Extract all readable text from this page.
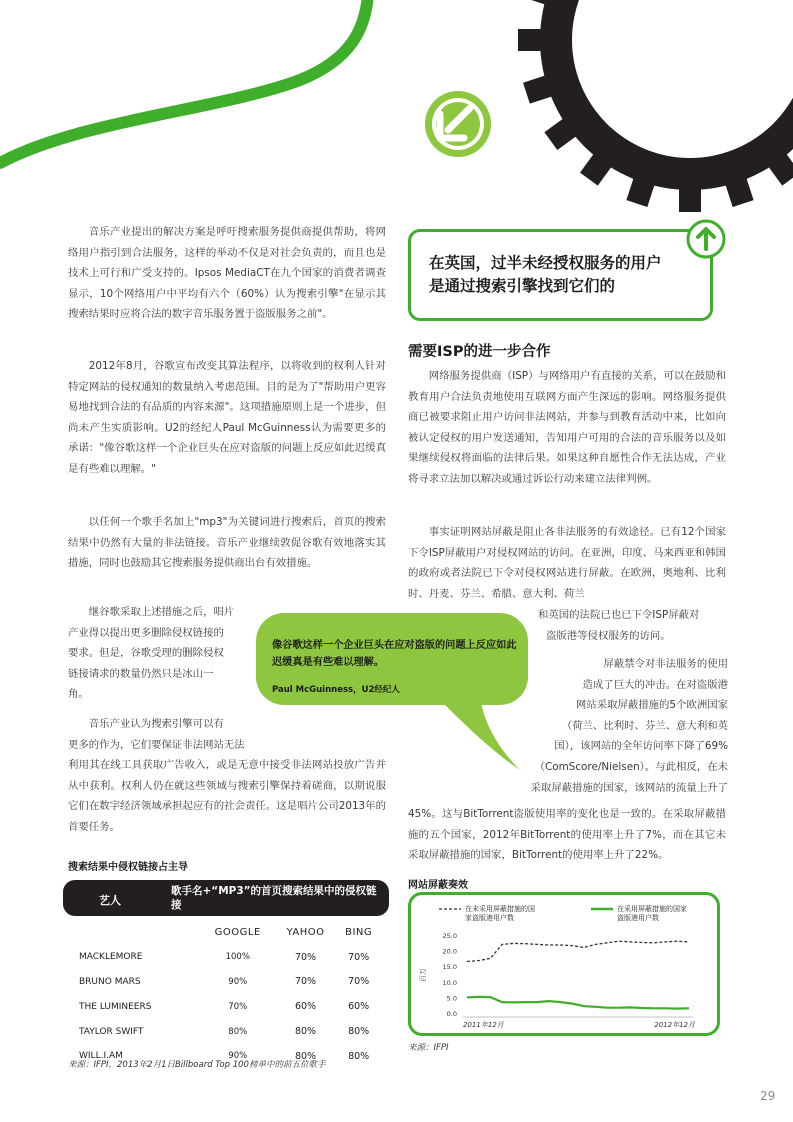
音乐产业提出的解决方案是呼吁搜索服务提供商提供帮助，将网络用户指引到合法服务，这样的举动不仅是对社会负责的，而且也是技术上可行和广受支持的。Ipsos MediaCT在九个国家的消费者调查显示，10个网络用户中平均有六个（60%）认为搜索引擎"在显示其搜索结果时应将合法的数字音乐服务置于盗版服务之前"。

2012年8月，谷歌宣布改变其算法程序，以将收到的权利人针对特定网站的侵权通知的数量纳入考虑范围。目的是为了"帮助用户更容易地找到合法的有品质的内容来源"。这项措施原则上是一个进步，但尚未产生实质影响。U2的经纪人Paul McGuinness认为需要更多的承诺："像谷歌这样一个企业巨头在应对盗版的问题上反应如此迟缓真是有些难以理解。"

以任何一个歌手名加上"mp3"为关键词进行搜索后，首页的搜索结果中仍然有大量的非法链接。音乐产业继续敦促谷歌有效地落实其措施，同时也鼓励其它搜索服务提供商出台有效措施。

继谷歌采取上述措施之后，唱片
产业得以提出更多删除侵权链接的
要求。但是，谷歌受理的删除侵权
链接请求的数量仍然只是冰山一
角。
音乐产业认为搜索引擎可以有
更多的作为，它们要保证非法网站无法

利用其在线工具获取广告收入，或是无意中接受非法网站投放广告并从中获利。权利人仍在就这些领域与搜索引擎保持着磋商，以期说服它们在数字经济领域承担起应有的社会责任。这是唱片公司2013年的首要任务。

在英国，过半未经授权服务的用户
是通过搜索引擎找到它们的
需要ISP的进一步合作

网络服务提供商（ISP）与网络用户有直接的关系，可以在鼓励和教育用户合法负责地使用互联网方面产生深远的影响。网络服务提供商已被要求阻止用户访问非法网站，并参与到教育活动中来，比如向被认定侵权的用户发送通知，告知用户可用的合法的音乐服务以及如果继续侵权将面临的法律后果。如果这种自愿性合作无法达成，产业将寻求立法加以解决或通过诉讼行动来建立法律判例。

事实证明网站屏蔽是阻止各非法服务的有效途径。已有12个国家下令ISP屏蔽用户对侵权网站的访问。在亚洲，印度、马来西亚和韩国的政府或者法院已下令对侵权网站进行屏蔽。在欧洲，奥地利、比利时、丹麦、芬兰、希腊、意大利、荷兰

和英国的法院已也已下令ISP屏蔽对
盗版港等侵权服务的访问。
屏蔽禁令对非法服务的使用
造成了巨大的冲击。在对盗版港
网站采取屏蔽措施的5个欧洲国家
（荷兰、比利时、芬兰、意大利和英
国），该网站的全年访问率下降了69%
（ComScore/Nielsen）。与此相反，在未
采取屏蔽措施的国家，该网站的流量上升了

45%。这与BitTorrent盗版使用率的变化也是一致的。在采取屏蔽措施的五个国家，2012年BitTorrent的使用率上升了7%，而在其它未采取屏蔽措施的国家，BitTorrent的使用率上升了22%。

像谷歌这样一个企业巨头在应对盗版的问题上反应如此迟缓真是有些难以理解。
Paul McGuinness，U2经纪人
搜索结果中侵权链接占主导
艺人
歌手名+“MP3”的首页搜索结果中的侵权链接
	GOOGLE	YAHOO	BING
MACKLEMORE	100%	70%	70%
BRUNO MARS	90%	70%	70%
THE LUMINEERS	70%	60%	60%
TAYLOR SWIFT	80%	80%	80%
WILL.I.AM	90%	80%	80%
来源：IFPI，2013年2月1日Billboard Top 100榜单中的前五位歌手
网站屏蔽奏效
25.0
20.0
15.0
10.0
5.0
0.0
百万
2011年12月	2012年12月
在未采用屏蔽措施的国
家盗版港用户数
在采用屏蔽措施的国家
盗版港用户数
来源：IFPI
29
